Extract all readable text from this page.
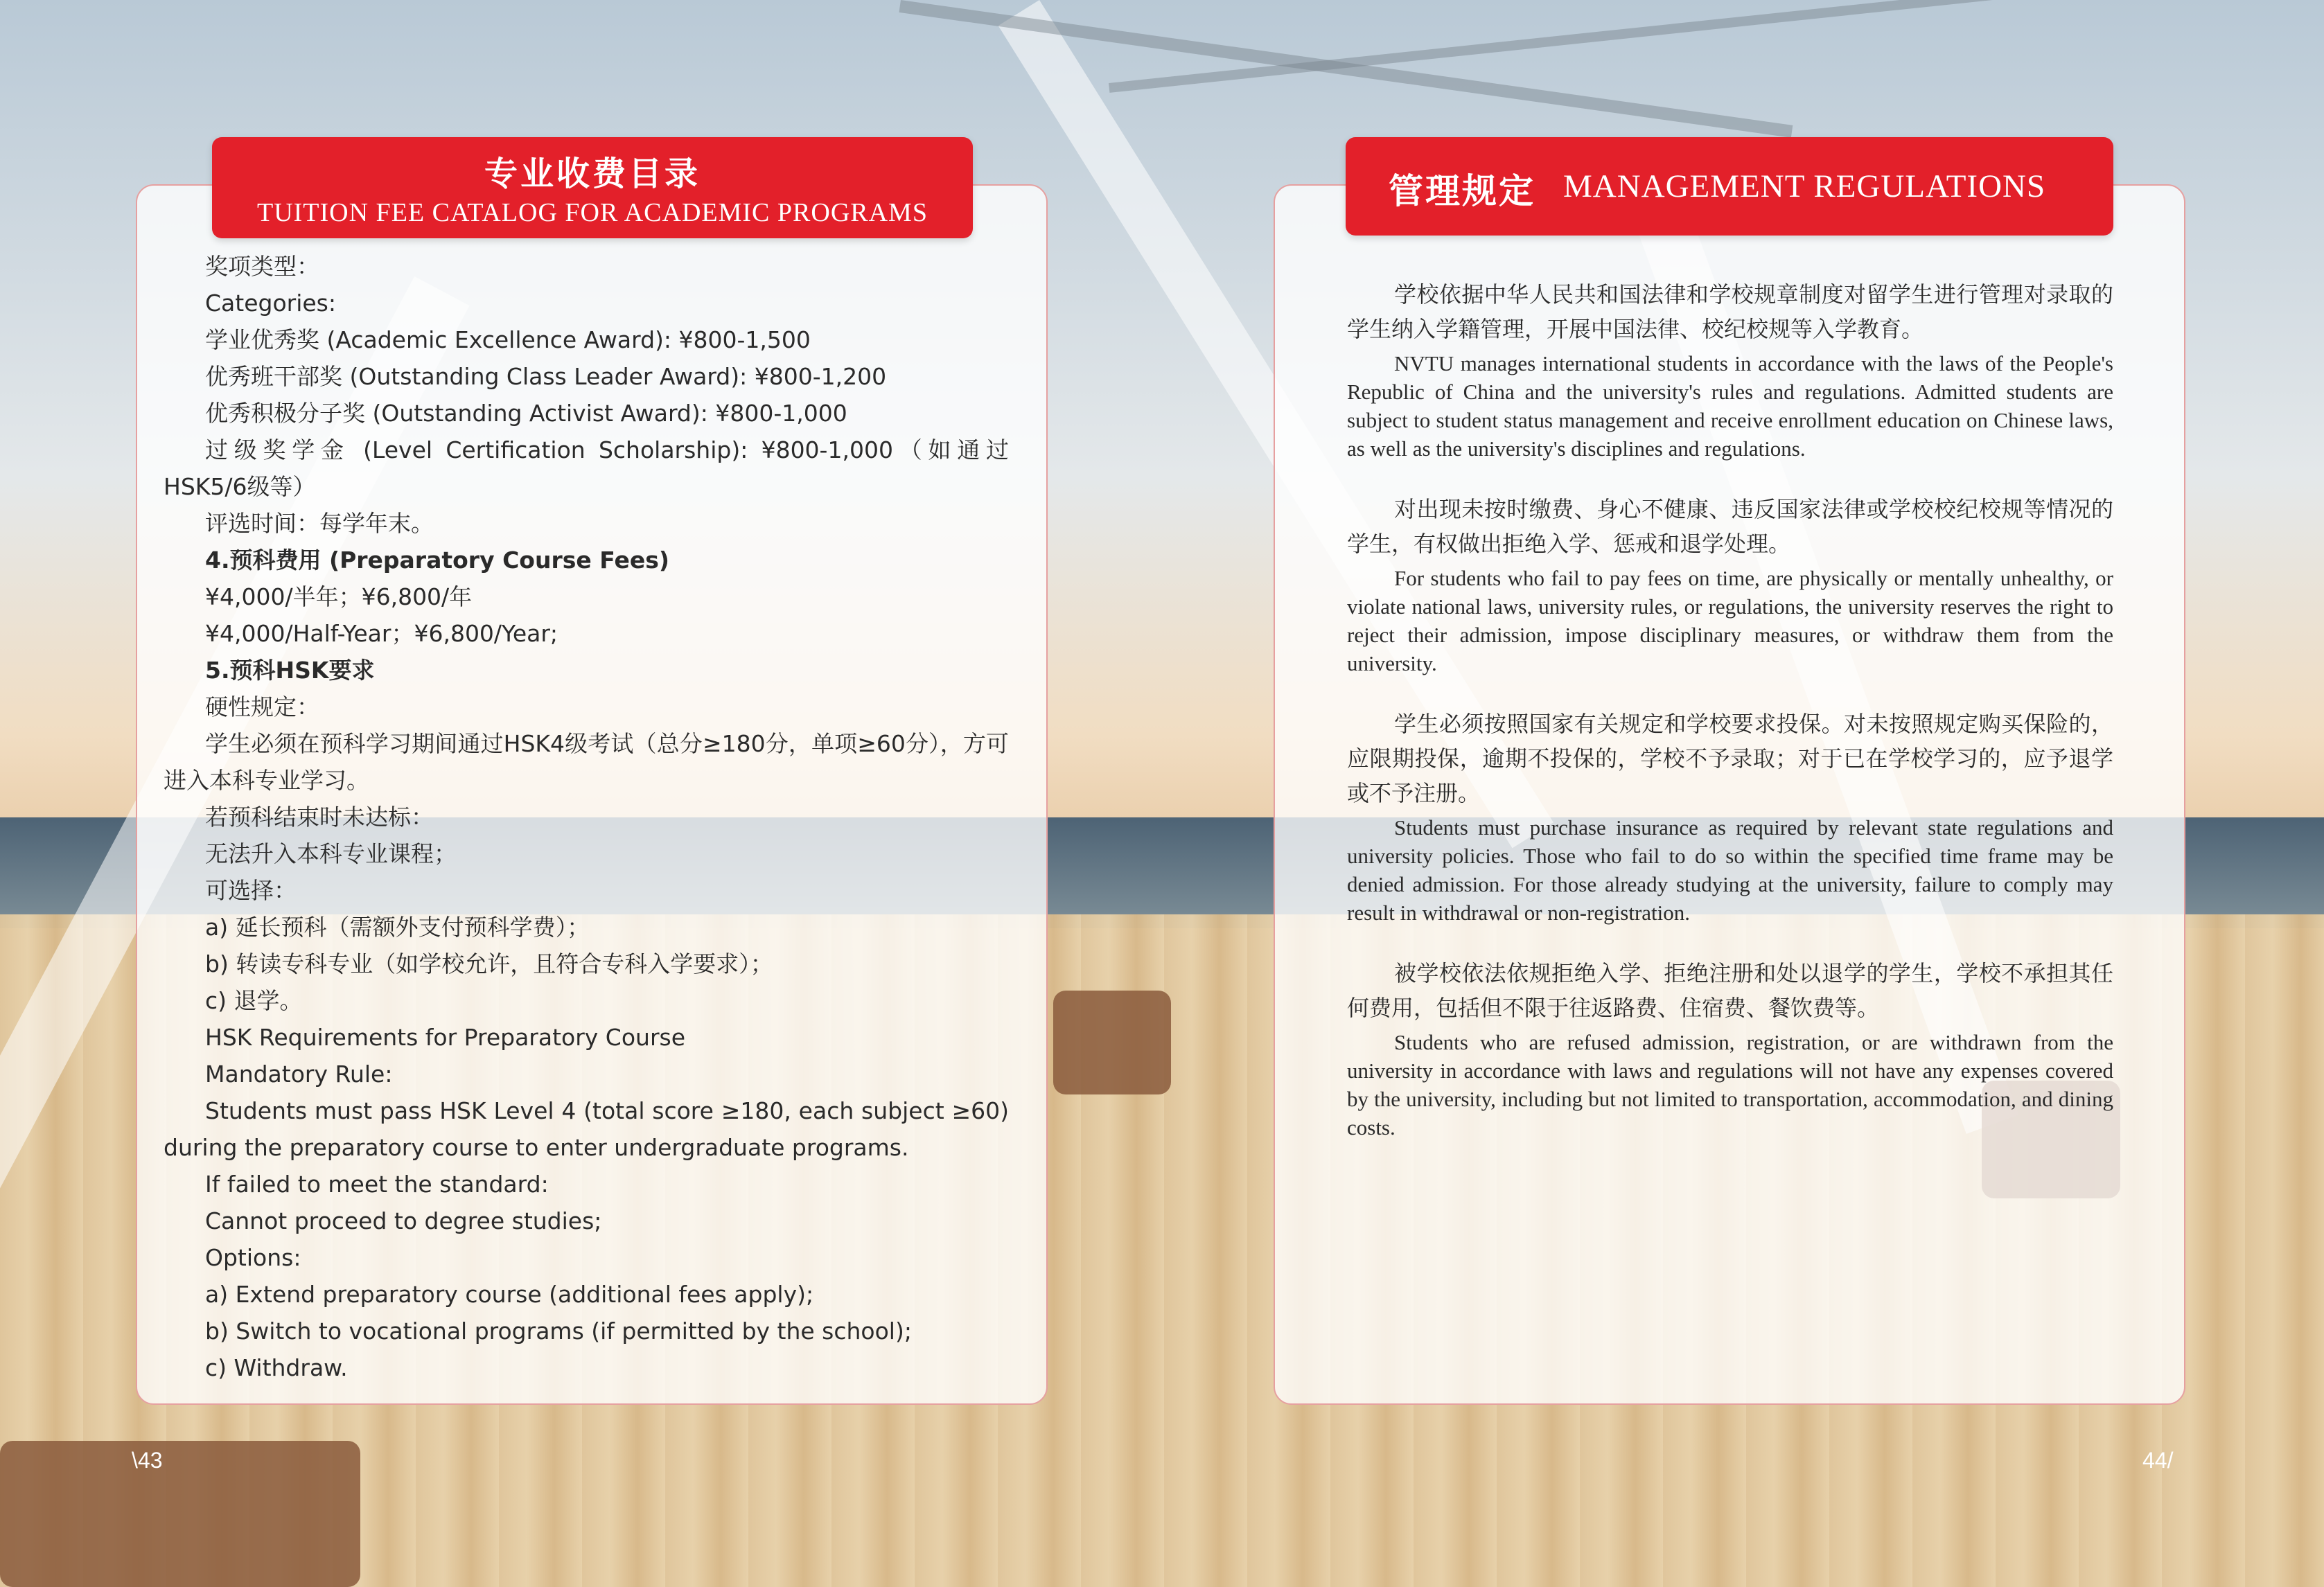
专业收费目录
TUITION FEE CATALOG FOR ACADEMIC PROGRAMS
管理规定 MANAGEMENT REGULATIONS

奖项类型：

Categories:

学业优秀奖 (Academic Excellence Award): ¥800-1,500

优秀班干部奖 (Outstanding Class Leader Award): ¥800-1,200

优秀积极分子奖 (Outstanding Activist Award): ¥800-1,000

过级奖学金 (Level Certification Scholarship): ¥800-1,000（如通过HSK5/6级等）

评选时间：每学年末。

4.预科费用 (Preparatory Course Fees)

¥4,000/半年；¥6,800/年

¥4,000/Half-Year；¥6,800/Year;

5.预科HSK要求

硬性规定：

学生必须在预科学习期间通过HSK4级考试（总分≥180分，单项≥60分），方可进入本科专业学习。

若预科结束时未达标：

无法升入本科专业课程；

可选择：

a) 延长预科（需额外支付预科学费）；

b) 转读专科专业（如学校允许，且符合专科入学要求）；

c) 退学。

HSK Requirements for Preparatory Course

Mandatory Rule:

Students must pass HSK Level 4 (total score ≥180, each subject ≥60) during the preparatory course to enter undergraduate programs.

If failed to meet the standard:

Cannot proceed to degree studies;

Options:

a) Extend preparatory course (additional fees apply);

b) Switch to vocational programs (if permitted by the school);

c) Withdraw.

学校依据中华人民共和国法律和学校规章制度对留学生进行管理对录取的学生纳入学籍管理，开展中国法律、校纪校规等入学教育。

NVTU manages international students in accordance with the laws of the People's Republic of China and the university's rules and regulations. Admitted students are subject to student status management and receive enrollment education on Chinese laws, as well as the university's disciplines and regulations.

对出现未按时缴费、身心不健康、违反国家法律或学校校纪校规等情况的学生，有权做出拒绝入学、惩戒和退学处理。

For students who fail to pay fees on time, are physically or mentally unhealthy, or violate national laws, university rules, or regulations, the university reserves the right to reject their admission, impose disciplinary measures, or withdraw them from the university.

学生必须按照国家有关规定和学校要求投保。对未按照规定购买保险的，应限期投保，逾期不投保的，学校不予录取；对于已在学校学习的，应予退学或不予注册。

Students must purchase insurance as required by relevant state regulations and university policies. Those who fail to do so within the specified time frame may be denied admission. For those already studying at the university, failure to comply may result in withdrawal or non-registration.

被学校依法依规拒绝入学、拒绝注册和处以退学的学生，学校不承担其任何费用，包括但不限于往返路费、住宿费、餐饮费等。

Students who are refused admission, registration, or are withdrawn from the university in accordance with laws and regulations will not have any expenses covered by the university, including but not limited to transportation, accommodation, and dining costs.

\43	44/
